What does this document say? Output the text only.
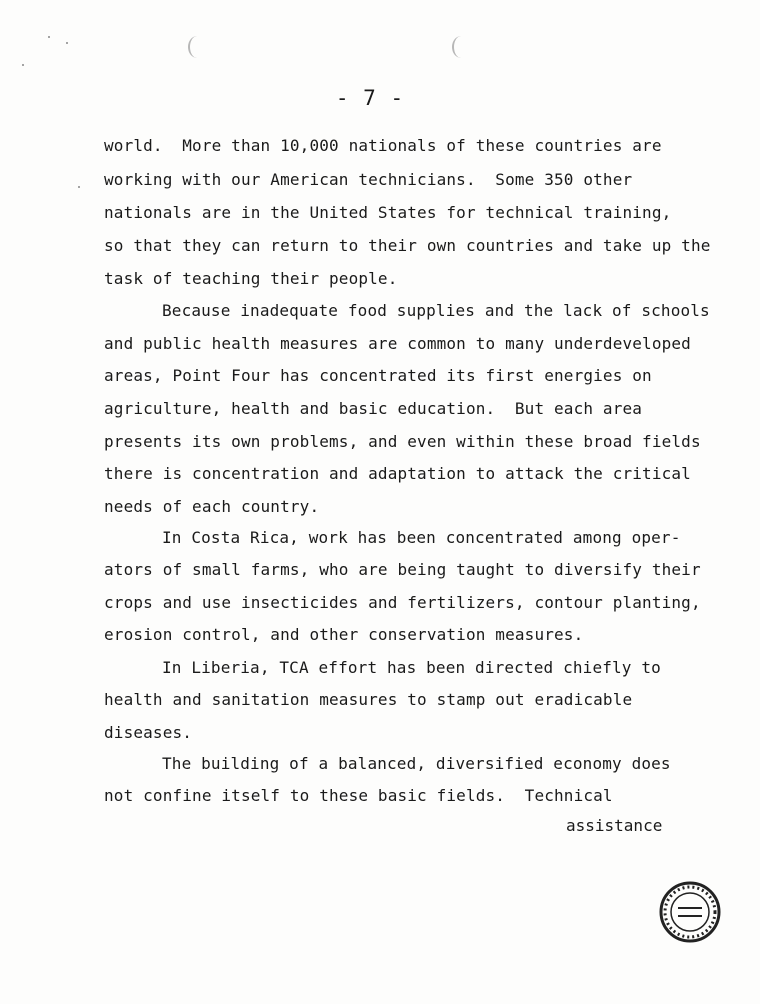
- 7 -
world.  More than 10,000 nationals of these countries are
working with our American technicians.  Some 350 other
nationals are in the United States for technical training,
so that they can return to their own countries and take up the
task of teaching their people.
Because inadequate food supplies and the lack of schools
and public health measures are common to many underdeveloped
areas, Point Four has concentrated its first energies on
agriculture, health and basic education.  But each area
presents its own problems, and even within these broad fields
there is concentration and adaptation to attack the critical
needs of each country.
In Costa Rica, work has been concentrated among oper-
ators of small farms, who are being taught to diversify their
crops and use insecticides and fertilizers, contour planting,
erosion control, and other conservation measures.
In Liberia, TCA effort has been directed chiefly to
health and sanitation measures to stamp out eradicable
diseases.
The building of a balanced, diversified economy does
not confine itself to these basic fields.  Technical
assistance
